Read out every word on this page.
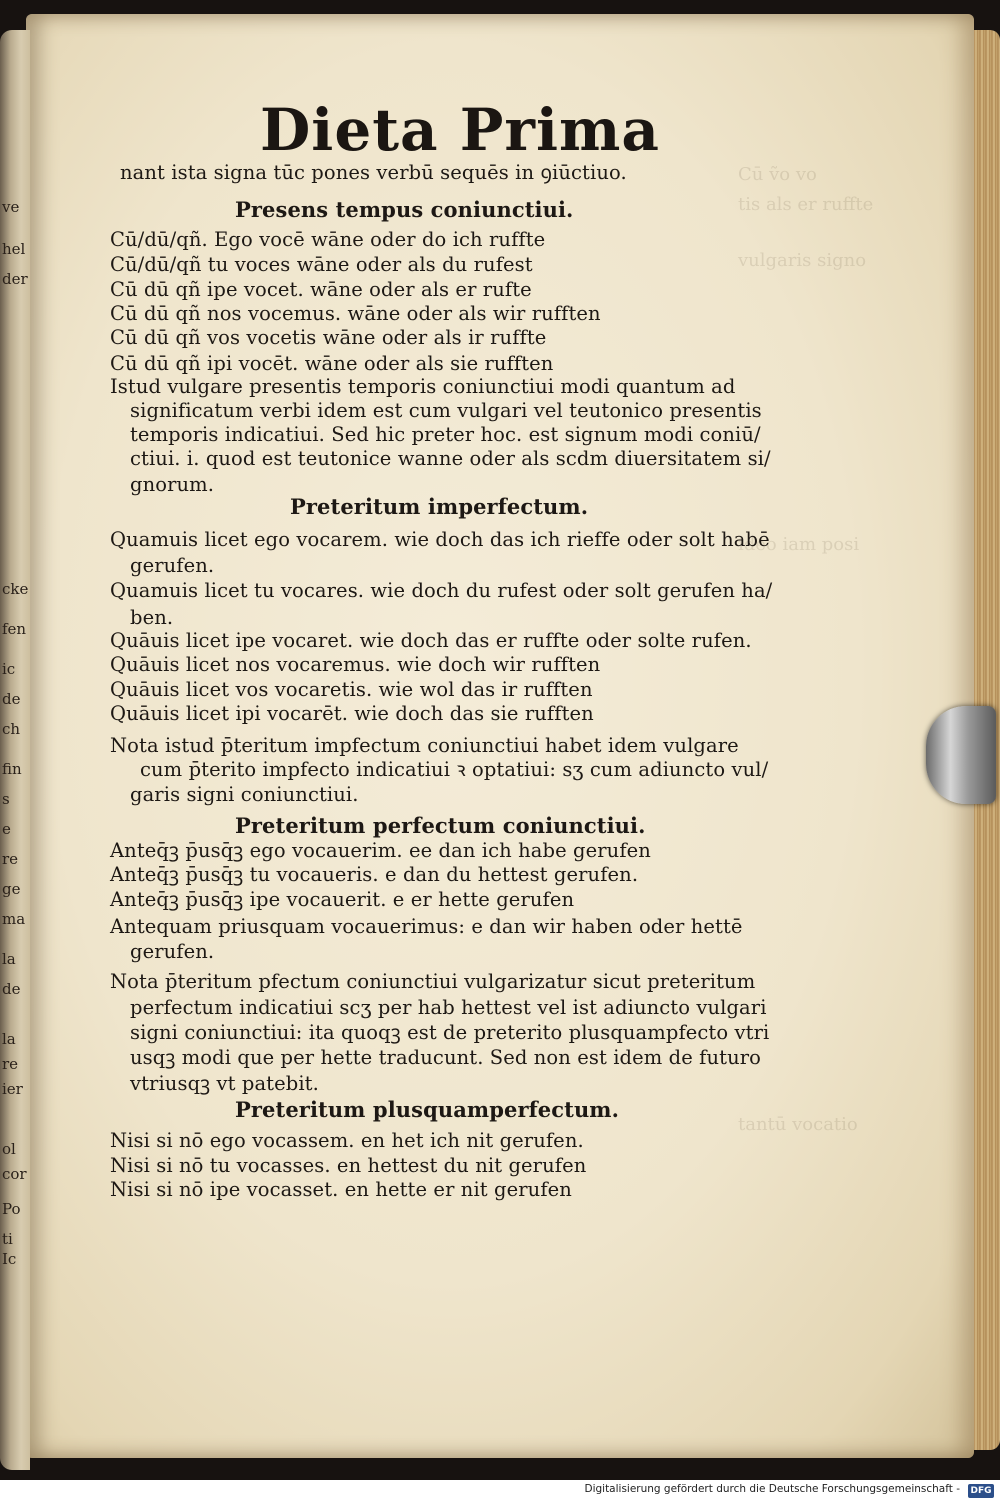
Cū ṽo vo
tis als er ruffte
vulgaris signo
ideo iam posi
tantū vocatio
ve
hel
der
cke
fen
ic
de
ch
fin
s
e
re
ge
ma
la
de
la
re
ier
ol
cor
Po
ti
Ic
Dieta Prima
nant ista signa tūc pones verbū sequēs in ꝯiūctiuo.
Presens tempus coniunctiui.
Cū/dū/qñ. Ego vocē wāne oder do ich ruffte
Cū/dū/qñ tu voces wāne oder als du rufest
Cū dū qñ ipe vocet. wāne oder als er rufte
Cū dū qñ nos vocemus. wāne oder als wir rufften
Cū dū qñ vos vocetis wāne oder als ir ruffte
Cū dū qñ ipi vocēt. wāne oder als sie rufften
Istud vulgare presentis temporis coniunctiui modi quantum ad
significatum verbi idem est cum vulgari vel teutonico presentis
temporis indicatiui. Sed hic preter hoc. est signum modi coniū/
ctiui. i. quod est teutonice wanne oder als scdm diuersitatem si/
gnorum.
Preteritum imperfectum.
Quamuis licet ego vocarem. wie doch das ich rieffe oder solt habē
gerufen.
Quamuis licet tu vocares. wie doch du rufest oder solt gerufen ha/
ben.
Quāuis licet ipe vocaret. wie doch das er ruffte oder solte rufen.
Quāuis licet nos vocaremus. wie doch wir rufften
Quāuis licet vos vocaretis. wie wol das ir rufften
Quāuis licet ipi vocarēt. wie doch das sie rufften
Nota istud p̄teritum impfectum coniunctiui habet idem vulgare
cum p̄terito impfecto indicatiui ꝛ optatiui: sʒ cum adiuncto vul/
garis signi coniunctiui.
Preteritum perfectum coniunctiui.
Anteq̄ꝫ p̄usq̄ꝫ ego vocauerim. ee dan ich habe gerufen
Anteq̄ꝫ p̄usq̄ꝫ tu vocaueris. e dan du hettest gerufen.
Anteq̄ꝫ p̄usq̄ꝫ ipe vocauerit. e er hette gerufen
Antequam priusquam vocauerimus: e dan wir haben oder hettē
gerufen.
Nota p̄teritum pfectum coniunctiui vulgarizatur sicut preteritum
perfectum indicatiui scʒ per hab hettest vel ist adiuncto vulgari
signi coniunctiui: ita quoqꝫ est de preterito plusquampfecto vtri
usqꝫ modi que per hette traducunt. Sed non est idem de futuro
vtriusqꝫ vt patebit.
Preteritum plusquamperfectum.
Nisi si nō ego vocassem. en het ich nit gerufen.
Nisi si nō tu vocasses. en hettest du nit gerufen
Nisi si nō ipe vocasset. en hette er nit gerufen
Digitalisierung gefördert durch die Deutsche Forschungsgemeinschaft - DFG
